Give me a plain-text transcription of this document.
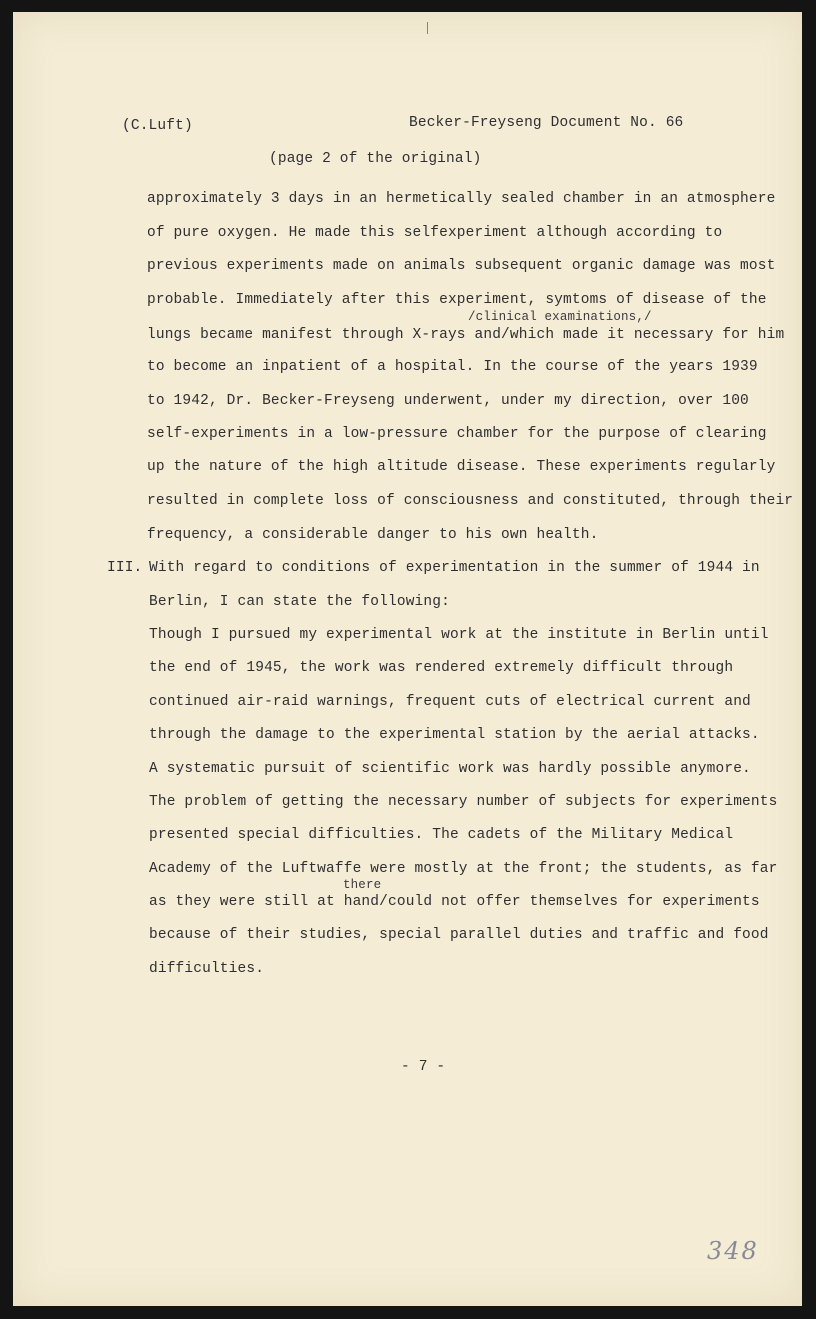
(C.Luft)	Becker-Freyseng Document No. 66
(page 2 of the original)
approximately 3 days in an hermetically sealed chamber in an atmosphere
of pure oxygen. He made this selfexperiment although according to
previous experiments made on animals subsequent organic damage was most
probable. Immediately after this experiment, symtoms of disease of the
/clinical examinations,/
lungs became manifest through X-rays and/which made it necessary for him
to become an inpatient of a hospital. In the course of the years 1939
to 1942, Dr. Becker-Freyseng underwent, under my direction, over 100
self-experiments in a low-pressure chamber for the purpose of clearing
up the nature of the high altitude disease. These experiments regularly
resulted in complete loss of consciousness and constituted, through their
frequency, a considerable danger to his own health.
III. With regard to conditions of experimentation in the summer of 1944 in
Berlin, I can state the following:
Though I pursued my experimental work at the institute in Berlin until
the end of 1945, the work was rendered extremely difficult through
continued air-raid warnings, frequent cuts of electrical current and
through the damage to the experimental station by the aerial attacks.
A systematic pursuit of scientific work was hardly possible anymore.
The problem of getting the necessary number of subjects for experiments
presented special difficulties. The cadets of the Military Medical
Academy of the Luftwaffe were mostly at the front; the students, as far
there
as they were still at hand/could not offer themselves for experiments
because of their studies, special parallel duties and traffic and food
difficulties.
- 7 -
348
